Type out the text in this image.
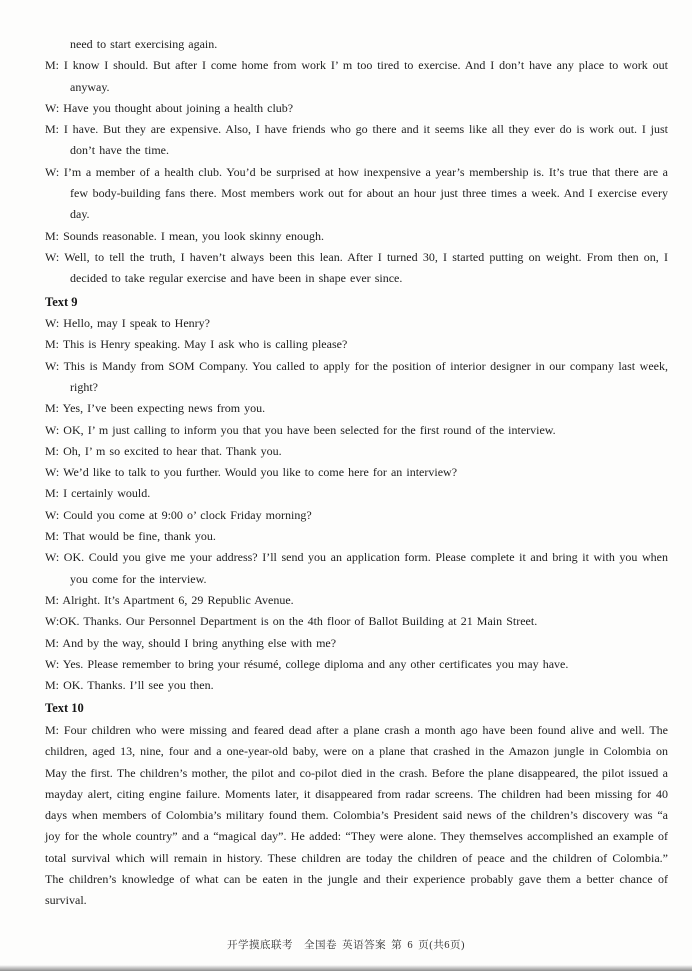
need to start exercising again.

M: I know I should. But after I come home from work I’ m too tired to exercise. And I don’t have any place to work out anyway.

W: Have you thought about joining a health club?

M: I have. But they are expensive. Also, I have friends who go there and it seems like all they ever do is work out. I just don’t have the time.

W: I’m a member of a health club. You’d be surprised at how inexpensive a year’s membership is. It’s true that there are a few body-building fans there. Most members work out for about an hour just three times a week. And I exercise every day.

M: Sounds reasonable. I mean, you look skinny enough.

W: Well, to tell the truth, I haven’t always been this lean. After I turned 30, I started putting on weight. From then on, I decided to take regular exercise and have been in shape ever since.

Text 9

W: Hello, may I speak to Henry?

M: This is Henry speaking. May I ask who is calling please?

W: This is Mandy from SOM Company. You called to apply for the position of interior designer in our company last week, right?

M: Yes, I’ve been expecting news from you.

W: OK, I’ m just calling to inform you that you have been selected for the first round of the interview.

M: Oh, I’ m so excited to hear that. Thank you.

W: We’d like to talk to you further. Would you like to come here for an interview?

M: I certainly would.

W: Could you come at 9:00 o’ clock Friday morning?

M: That would be fine, thank you.

W: OK. Could you give me your address? I’ll send you an application form. Please complete it and bring it with you when you come for the interview.

M: Alright. It’s Apartment 6, 29 Republic Avenue.

W:OK. Thanks. Our Personnel Department is on the 4th floor of Ballot Building at 21 Main Street.

M: And by the way, should I bring anything else with me?

W: Yes. Please remember to bring your résumé, college diploma and any other certificates you may have.

M: OK. Thanks. I’ll see you then.

Text 10

M: Four children who were missing and feared dead after a plane crash a month ago have been found alive and well. The children, aged 13, nine, four and a one-year-old baby, were on a plane that crashed in the Amazon jungle in Colombia on May the first. The children’s mother, the pilot and co-pilot died in the crash. Before the plane disappeared, the pilot issued a mayday alert, citing engine failure. Moments later, it disappeared from radar screens. The children had been missing for 40 days when members of Colombia’s military found them. Colombia’s President said news of the children’s discovery was “a joy for the whole country” and a “magical day”. He added: “They were alone. They themselves accomplished an example of total survival which will remain in history. These children are today the children of peace and the children of Colombia.” The children’s knowledge of what can be eaten in the jungle and their experience probably gave them a better chance of survival.

开学摸底联考　全国卷 英语答案 第 6 页(共6页)
